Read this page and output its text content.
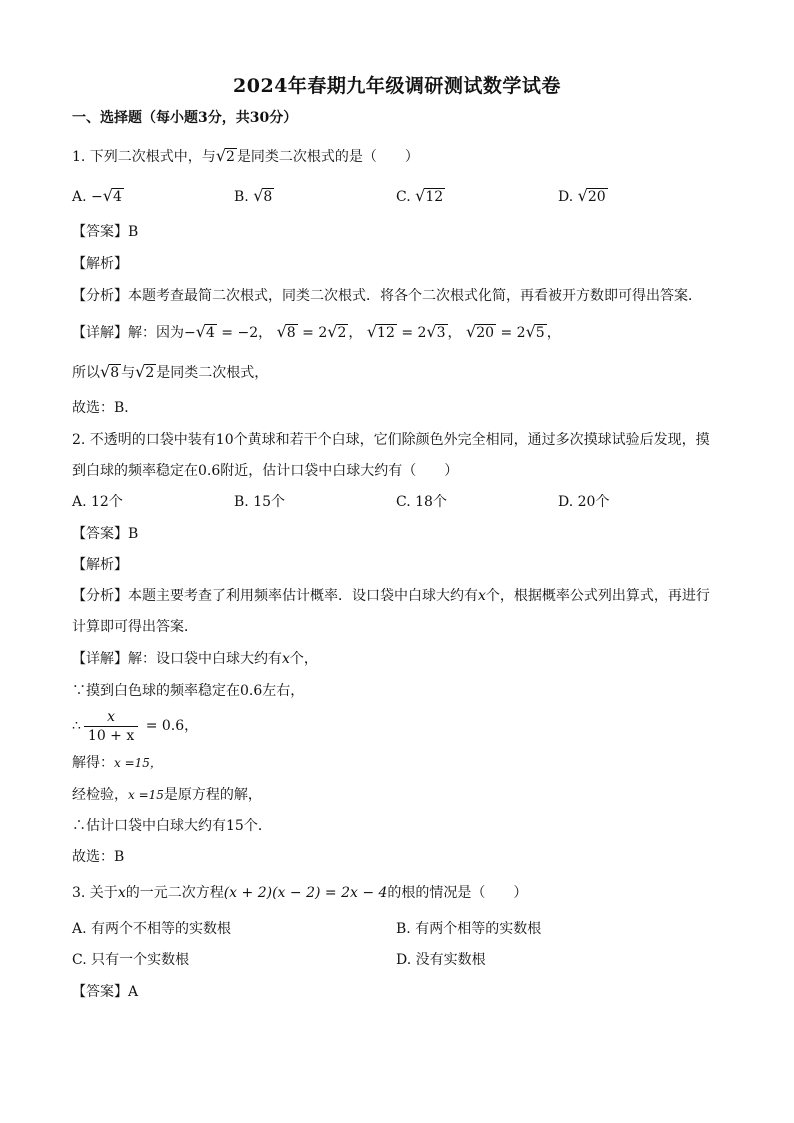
2024年春期九年级调研测试数学试卷
一、选择题（每小题3分，共30分）
1. 下列二次根式中，与√2 是同类二次根式的是（　　）
A. −√4	B. √8	C. √12	D. √20
【答案】B
【解析】
【分析】本题考查最简二次根式，同类二次根式．将各个二次根式化简，再看被开方数即可得出答案．
【详解】解：因为−√4 = −2， √8 = 2√2 ， √12 = 2√3 ， √20 = 2√5 ，
所以√8 与√2 是同类二次根式，
故选：B．
2. 不透明的口袋中装有10个黄球和若干个白球，它们除颜色外完全相同，通过多次摸球试验后发现，摸
到白球的频率稳定在0.6附近，估计口袋中白球大约有（　　）
A. 12个	B. 15个	C. 18个	D. 20个
【答案】B
【解析】
【分析】本题主要考查了利用频率估计概率．设口袋中白球大约有x个，根据概率公式列出算式，再进行
计算即可得出答案．
【详解】解：设口袋中白球大约有x个，
∵摸到白色球的频率稳定在0.6左右，
∴ $\frac{x}{10 + x} = 0.6$，
解得：x =15，
经检验，x =15是原方程的解，
∴估计口袋中白球大约有15个．
故选：B
3. 关于x的一元二次方程(x + 2)(x − 2) = 2x − 4的根的情况是（　　）
A. 有两个不相等的实数根	B. 有两个相等的实数根
C. 只有一个实数根	D. 没有实数根
【答案】A
